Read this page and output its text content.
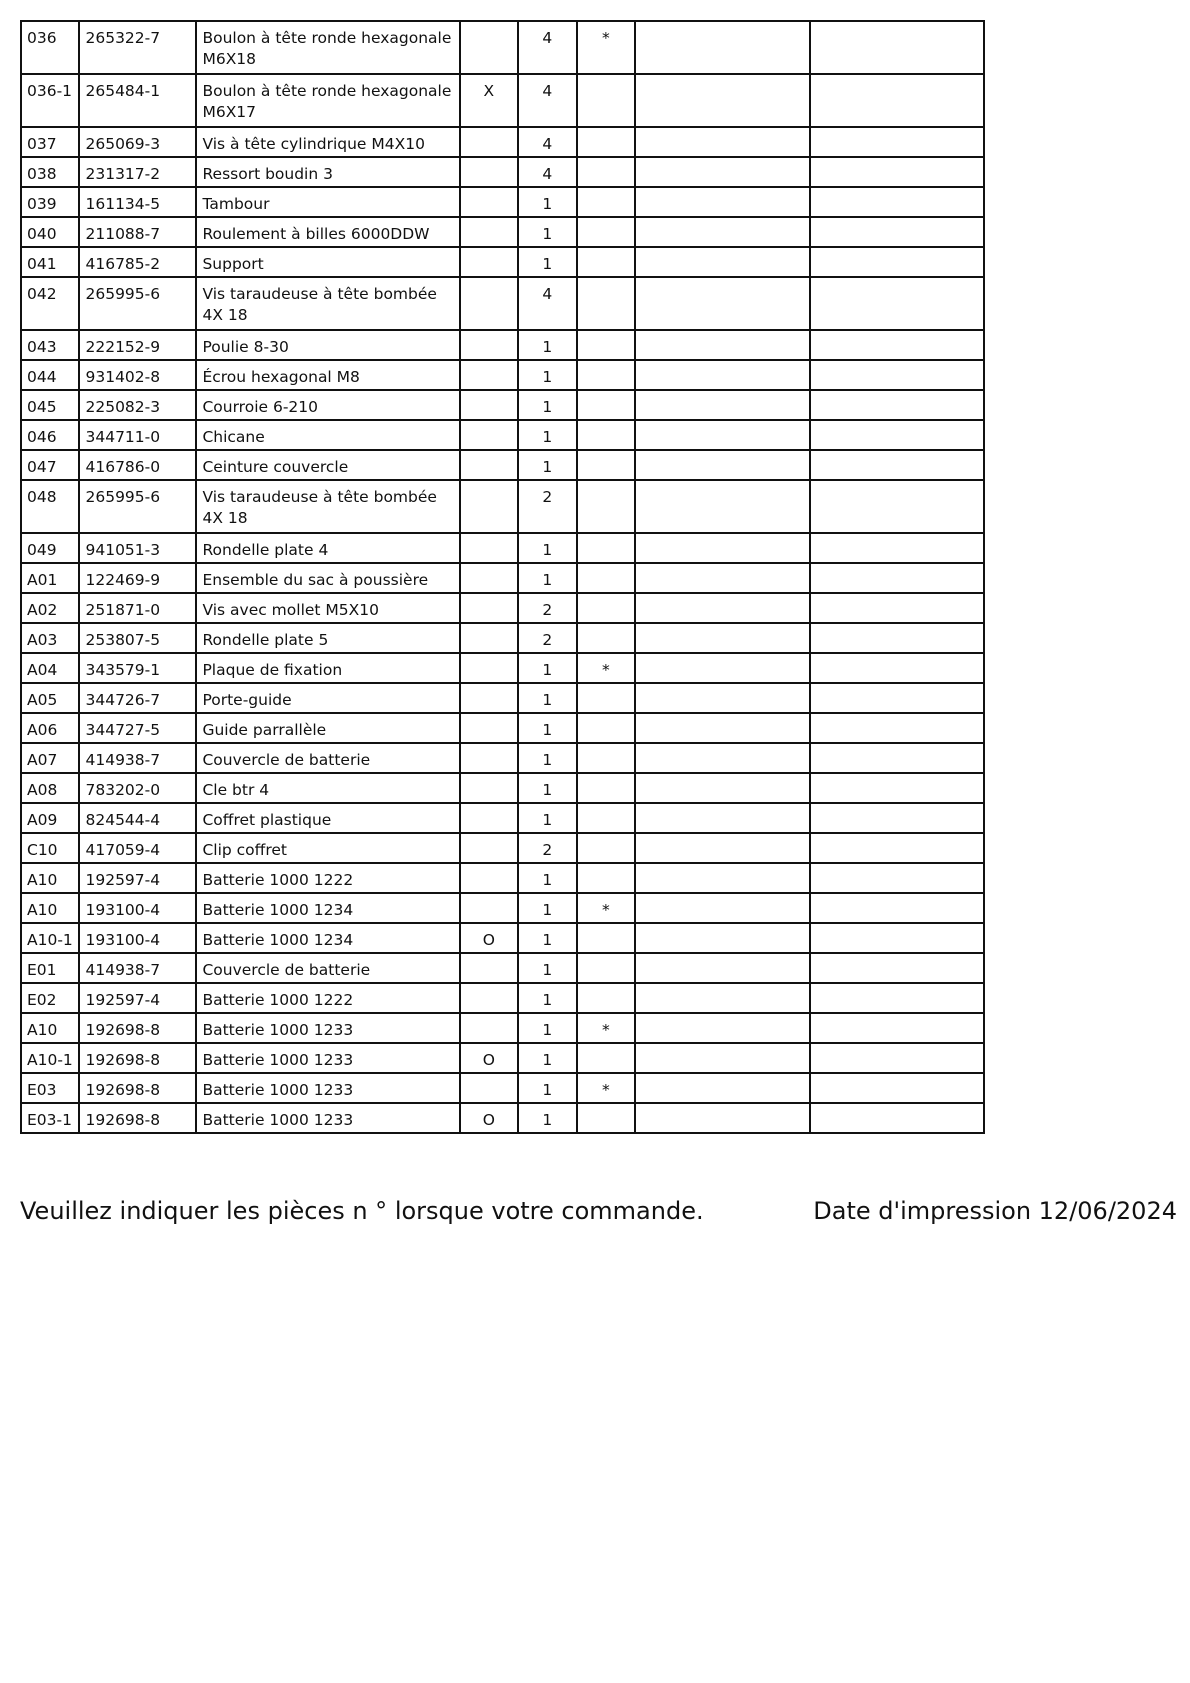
036	265322-7	Boulon à tête ronde hexagonale M6X18		4	*		
036-1	265484-1	Boulon à tête ronde hexagonale M6X17	X	4			
037	265069-3	Vis à tête cylindrique M4X10		4			
038	231317-2	Ressort boudin 3		4			
039	161134-5	Tambour		1			
040	211088-7	Roulement à billes 6000DDW		1			
041	416785-2	Support		1			
042	265995-6	Vis taraudeuse à tête bombée 4X 18		4			
043	222152-9	Poulie 8-30		1			
044	931402-8	Écrou hexagonal M8		1			
045	225082-3	Courroie 6-210		1			
046	344711-0	Chicane		1			
047	416786-0	Ceinture couvercle		1			
048	265995-6	Vis taraudeuse à tête bombée 4X 18		2			
049	941051-3	Rondelle plate 4		1			
A01	122469-9	Ensemble du sac à poussière		1			
A02	251871-0	Vis avec mollet M5X10		2			
A03	253807-5	Rondelle plate 5		2			
A04	343579-1	Plaque de fixation		1	*		
A05	344726-7	Porte-guide		1			
A06	344727-5	Guide parrallèle		1			
A07	414938-7	Couvercle de batterie		1			
A08	783202-0	Cle btr 4		1			
A09	824544-4	Coffret plastique		1			
C10	417059-4	Clip coffret		2			
A10	192597-4	Batterie 1000 1222		1			
A10	193100-4	Batterie 1000 1234		1	*		
A10-1	193100-4	Batterie 1000 1234	O	1			
E01	414938-7	Couvercle de batterie		1			
E02	192597-4	Batterie 1000 1222		1			
A10	192698-8	Batterie 1000 1233		1	*		
A10-1	192698-8	Batterie 1000 1233	O	1			
E03	192698-8	Batterie 1000 1233		1	*		
E03-1	192698-8	Batterie 1000 1233	O	1			
Veuillez indiquer les pièces n ° lorsque votre commande.	Date d'impression 12/06/2024
